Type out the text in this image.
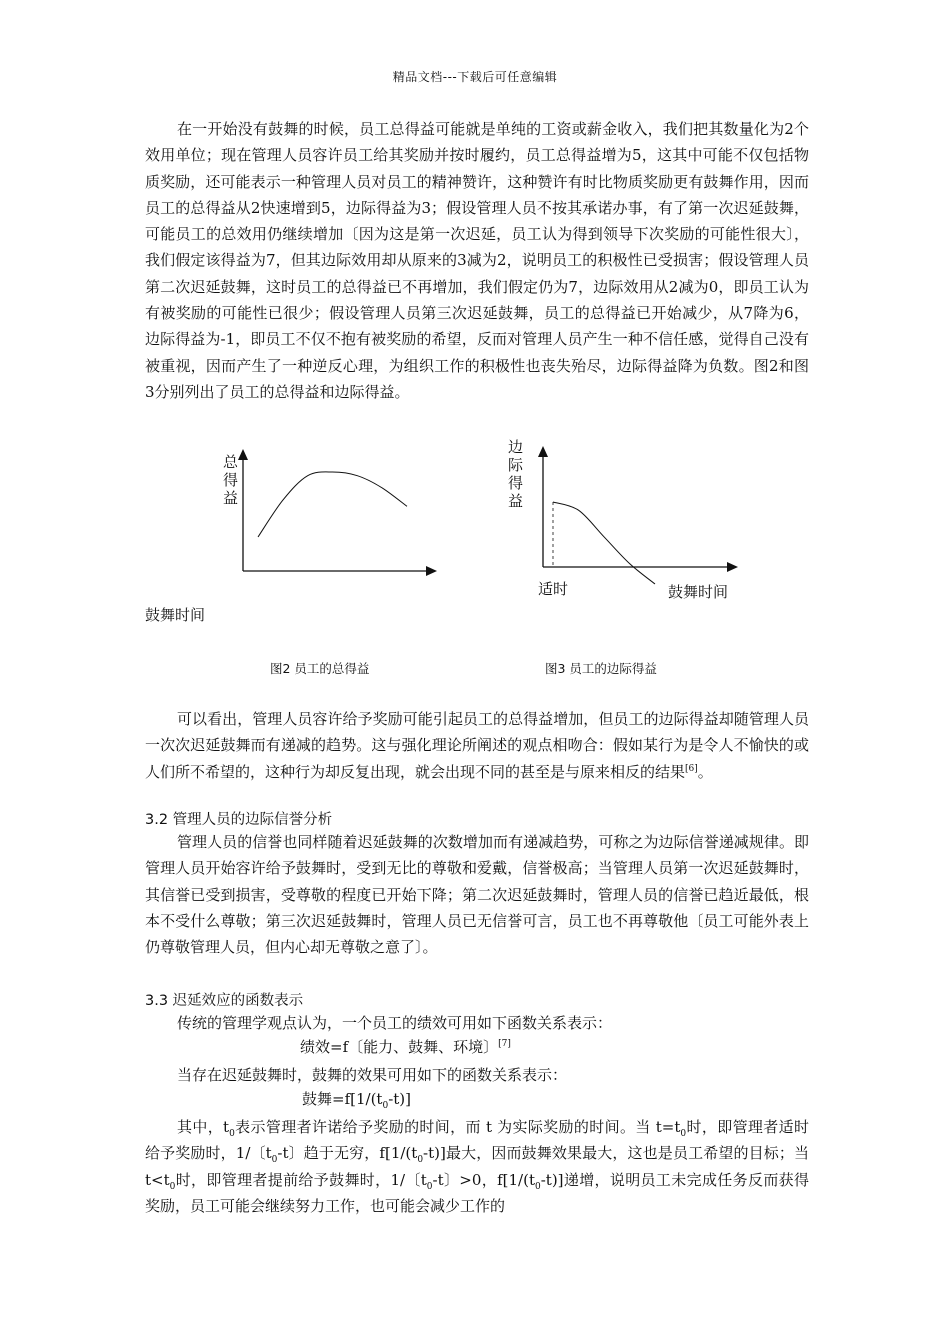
精品文档---下载后可任意编辑

在一开始没有鼓舞的时候，员工总得益可能就是单纯的工资或薪金收入，我们把其数量化为2个效用单位；现在管理人员容许员工给其奖励并按时履约，员工总得益增为5，这其中可能不仅包括物质奖励，还可能表示一种管理人员对员工的精神赞许，这种赞许有时比物质奖励更有鼓舞作用，因而员工的总得益从2快速增到5，边际得益为3；假设管理人员不按其承诺办事，有了第一次迟延鼓舞，可能员工的总效用仍继续增加〔因为这是第一次迟延，员工认为得到领导下次奖励的可能性很大〕，我们假定该得益为7，但其边际效用却从原来的3减为2，说明员工的积极性已受损害；假设管理人员第二次迟延鼓舞，这时员工的总得益已不再增加，我们假定仍为7，边际效用从2减为0，即员工认为有被奖励的可能性已很少；假设管理人员第三次迟延鼓舞，员工的总得益已开始减少，从7降为6，边际得益为-1，即员工不仅不抱有被奖励的希望，反而对管理人员产生一种不信任感，觉得自己没有被重视，因而产生了一种逆反心理，为组织工作的积极性也丧失殆尽，边际得益降为负数。图2和图3分别列出了员工的总得益和边际得益。

总
得
益
边
际
得
益
适时	鼓舞时间
鼓舞时间
图2 员工的总得益	图3 员工的边际得益

可以看出，管理人员容许给予奖励可能引起员工的总得益增加，但员工的边际得益却随管理人员一次次迟延鼓舞而有递减的趋势。这与强化理论所阐述的观点相吻合：假如某行为是令人不愉快的或人们所不希望的，这种行为却反复出现，就会出现不同的甚至是与原来相反的结果[6]。

3.2 管理人员的边际信誉分析

管理人员的信誉也同样随着迟延鼓舞的次数增加而有递减趋势，可称之为边际信誉递减规律。即管理人员开始容许给予鼓舞时，受到无比的尊敬和爱戴，信誉极高；当管理人员第一次迟延鼓舞时，其信誉已受到损害，受尊敬的程度已开始下降；第二次迟延鼓舞时，管理人员的信誉已趋近最低，根本不受什么尊敬；第三次迟延鼓舞时，管理人员已无信誉可言，员工也不再尊敬他〔员工可能外表上仍尊敬管理人员，但内心却无尊敬之意了〕。

3.3 迟延效应的函数表示

传统的管理学观点认为，一个员工的绩效可用如下函数关系表示：

绩效=f〔能力、鼓舞、环境〕[7]

当存在迟延鼓舞时，鼓舞的效果可用如下的函数关系表示：

鼓舞$=f[1/(t_0-t)]$

其中，$t_0$表示管理者许诺给予奖励的时间，而 t 为实际奖励的时间。当 $t=t_0$时，即管理者适时给予奖励时，1/〔$t_0-t$〕趋于无穷，$f[1/(t_0-t)]$最大，因而鼓舞效果最大，这也是员工希望的目标；当 $t<t_0$时，即管理者提前给予鼓舞时，1/〔$t_0-t$〕>0，$f[1/(t_0-t)]$递增，说明员工未完成任务反而获得奖励，员工可能会继续努力工作，也可能会减少工作的
